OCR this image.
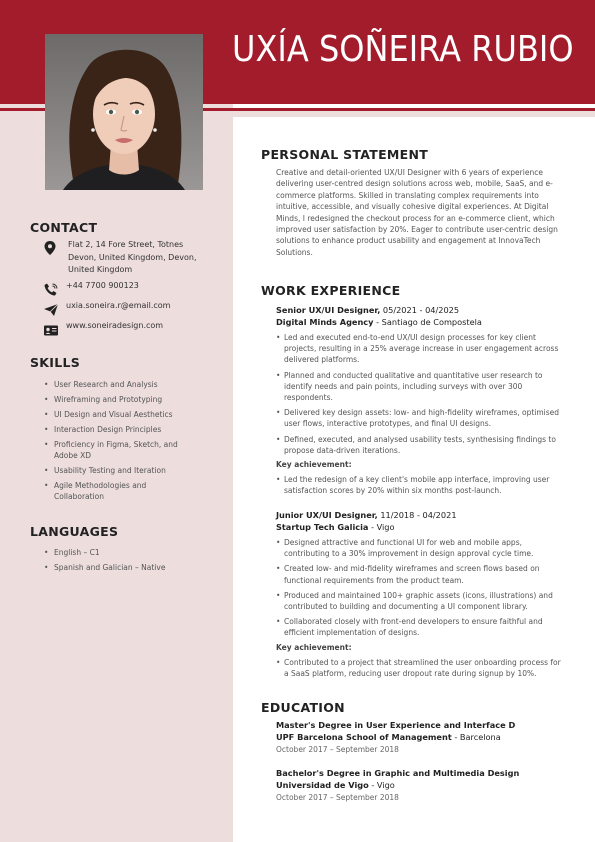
UXÍA SOÑEIRA RUBIO
CONTACT
Flat 2, 14 Fore Street, Totnes Devon, United Kingdom, Devon, United Kingdom
+44 7700 900123
uxia.soneira.r@email.com
www.soneiradesign.com
SKILLS
• User Research and Analysis
• Wireframing and Prototyping
• UI Design and Visual Aesthetics
• Interaction Design Principles
• Proficiency in Figma, Sketch, and Adobe XD
• Usability Testing and Iteration
• Agile Methodologies and Collaboration
LANGUAGES
• English – C1
• Spanish and Galician – Native
PERSONAL STATEMENT

Creative and detail-oriented UX/UI Designer with 6 years of experience delivering user-centred design solutions across web, mobile, SaaS, and e-commerce platforms. Skilled in translating complex requirements into intuitive, accessible, and visually cohesive digital experiences. At Digital Minds, I redesigned the checkout process for an e-commerce client, which improved user satisfaction by 20%. Eager to contribute user-centric design solutions to enhance product usability and engagement at InnovaTech Solutions.

WORK EXPERIENCE
Senior UX/UI Designer, 05/2021 - 04/2025
Digital Minds Agency - Santiago de Compostela
• Led and executed end-to-end UX/UI design processes for key client projects, resulting in a 25% average increase in user engagement across delivered platforms.
• Planned and conducted qualitative and quantitative user research to identify needs and pain points, including surveys with over 300 respondents.
• Delivered key design assets: low- and high-fidelity wireframes, optimised user flows, interactive prototypes, and final UI designs.
• Defined, executed, and analysed usability tests, synthesising findings to propose data-driven iterations.
Key achievement:
• Led the redesign of a key client's mobile app interface, improving user satisfaction scores by 20% within six months post-launch.
Junior UX/UI Designer, 11/2018 - 04/2021
Startup Tech Galicia - Vigo
• Designed attractive and functional UI for web and mobile apps, contributing to a 30% improvement in design approval cycle time.
• Created low- and mid-fidelity wireframes and screen flows based on functional requirements from the product team.
• Produced and maintained 100+ graphic assets (icons, illustrations) and contributed to building and documenting a UI component library.
• Collaborated closely with front-end developers to ensure faithful and efficient implementation of designs.
Key achievement:
• Contributed to a project that streamlined the user onboarding process for a SaaS platform, reducing user dropout rate during signup by 10%.
EDUCATION
Master's Degree in User Experience and Interface D
UPF Barcelona School of Management - Barcelona
October 2017 – September 2018
Bachelor's Degree in Graphic and Multimedia Design
Universidad de Vigo - Vigo
October 2017 – September 2018
